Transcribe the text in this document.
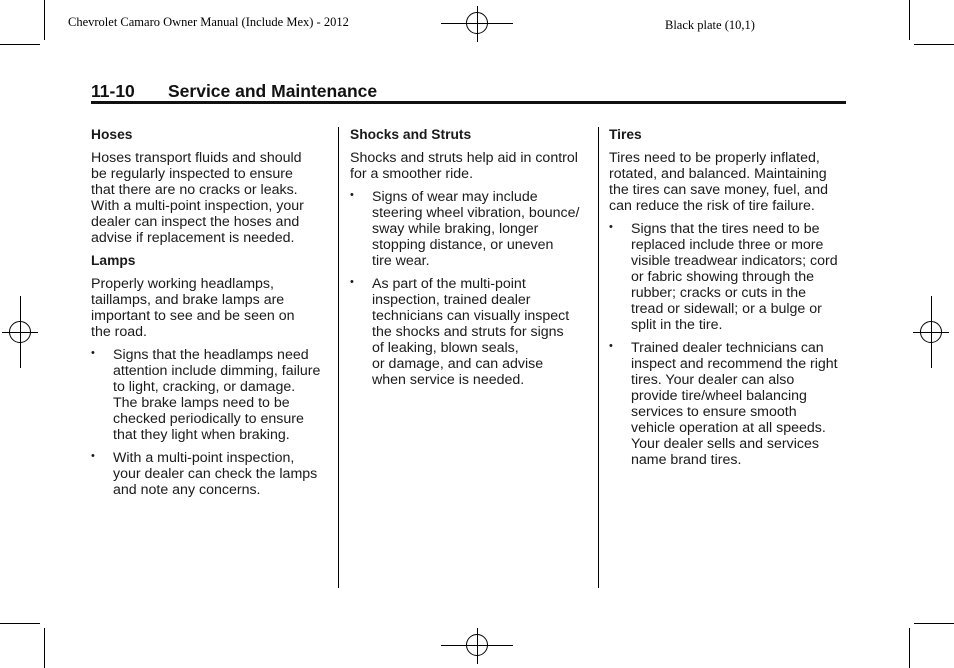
Chevrolet Camaro Owner Manual (Include Mex) - 2012	Black plate (10,1)
11-10 Service and Maintenance
Hoses

Hoses transport fluids and should
be regularly inspected to ensure
that there are no cracks or leaks.
With a multi-point inspection, your
dealer can inspect the hoses and
advise if replacement is needed.

Lamps

Properly working headlamps,
taillamps, and brake lamps are
important to see and be seen on
the road.

• Signs that the headlamps need
attention include dimming, failure
to light, cracking, or damage.
The brake lamps need to be
checked periodically to ensure
that they light when braking.
• With a multi-point inspection,
your dealer can check the lamps
and note any concerns.
Shocks and Struts

Shocks and struts help aid in control
for a smoother ride.

• Signs of wear may include
steering wheel vibration, bounce/
sway while braking, longer
stopping distance, or uneven
tire wear.
• As part of the multi-point
inspection, trained dealer
technicians can visually inspect
the shocks and struts for signs
of leaking, blown seals,
or damage, and can advise
when service is needed.
Tires

Tires need to be properly inflated,
rotated, and balanced. Maintaining
the tires can save money, fuel, and
can reduce the risk of tire failure.

• Signs that the tires need to be
replaced include three or more
visible treadwear indicators; cord
or fabric showing through the
rubber; cracks or cuts in the
tread or sidewall; or a bulge or
split in the tire.
• Trained dealer technicians can
inspect and recommend the right
tires. Your dealer can also
provide tire/wheel balancing
services to ensure smooth
vehicle operation at all speeds.
Your dealer sells and services
name brand tires.
